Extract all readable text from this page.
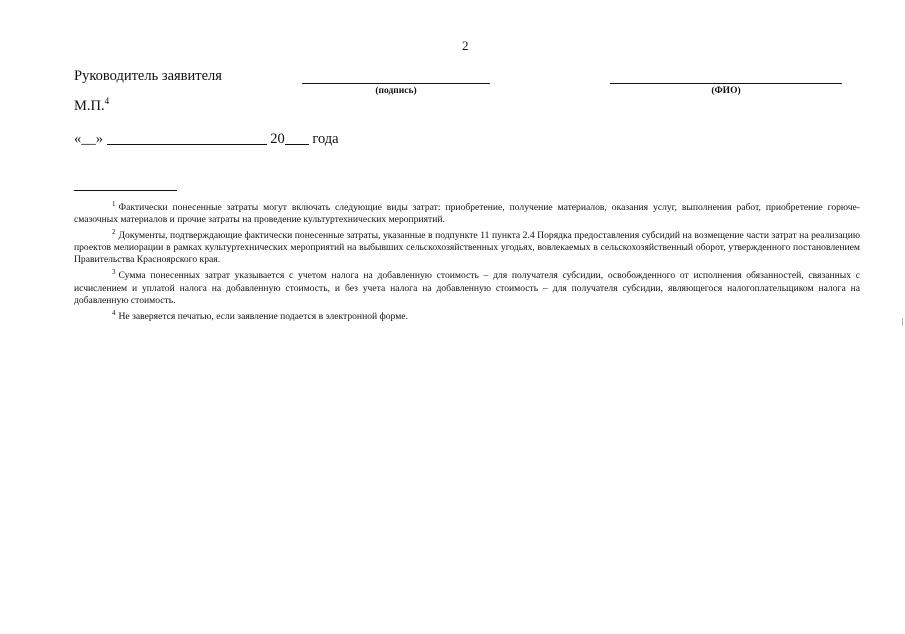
2
Руководитель заявителя
(подпись)	(ФИО)
М.П.$^4$
«__»	20 года

$^1$ Фактически понесенные затраты могут включать следующие виды затрат: приобретение, получение материалов, оказания услуг, выполнения работ, приобретение горюче-смазочных материалов и прочие затраты на проведение культуртехнических мероприятий.

$^2$ Документы, подтверждающие фактически понесенные затраты, указанные в подпункте 11 пункта 2.4 Порядка предоставления субсидий на возмещение части затрат на реализацию проектов мелиорации в рамках культуртехнических мероприятий на выбывших сельскохозяйственных угодьях, вовлекаемых в сельскохозяйственный оборот, утвержденного постановлением Правительства Красноярского края.

$^3$ Сумма понесенных затрат указывается с учетом налога на добавленную стоимость – для получателя субсидии, освобожденного от исполнения обязанностей, связанных с исчислением и уплатой налога на добавленную стоимость, и без учета налога на добавленную стоимость – для получателя субсидии, являющегося налогоплательщиком налога на добавленную стоимость.

$^4$ Не заверяется печатью, если заявление подается в электронной форме.
